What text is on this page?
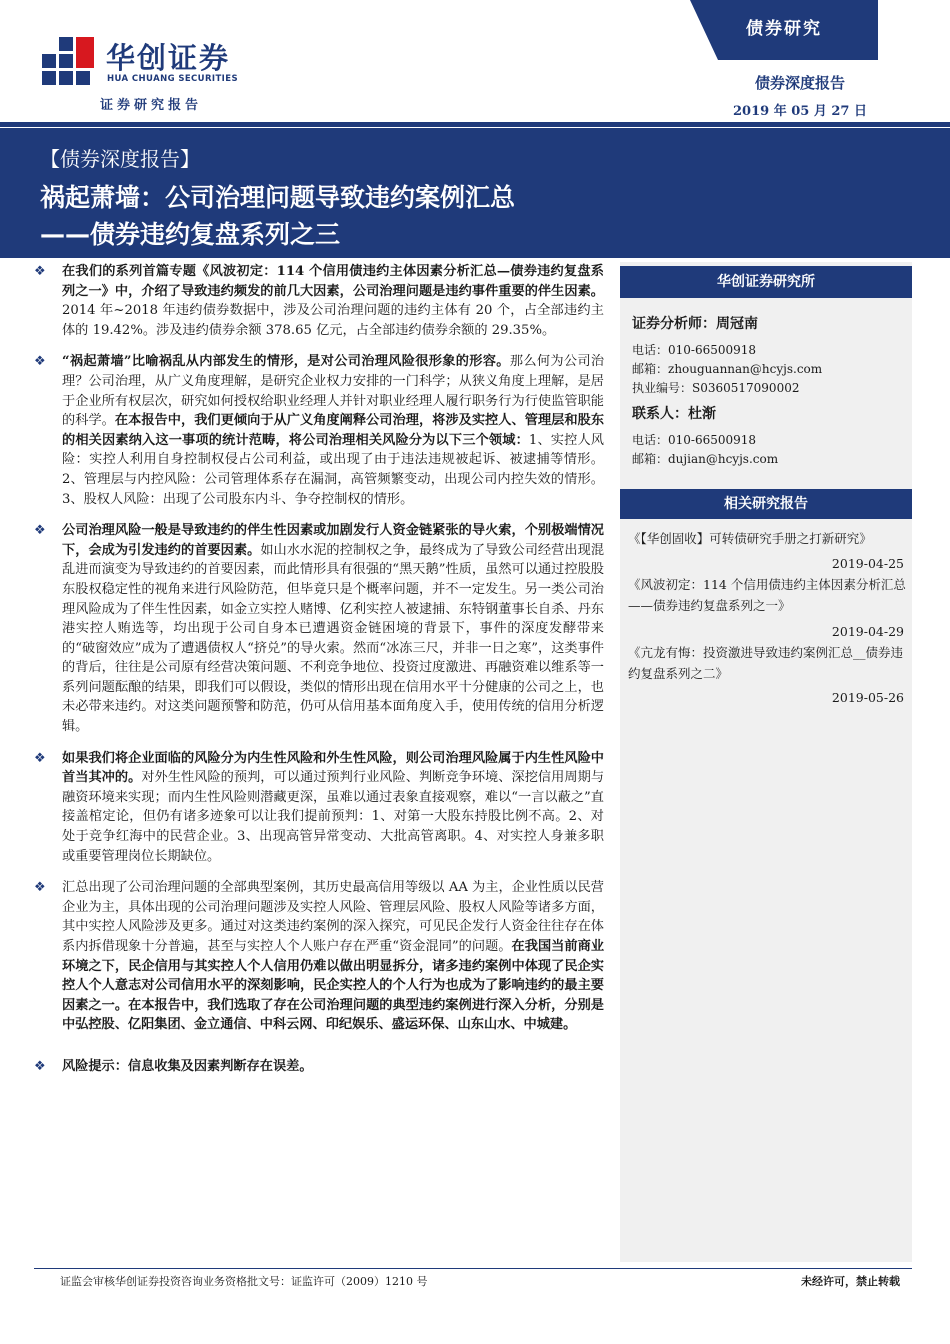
华创证券
HUA CHUANG SECURITIES
证券研究报告
债券研究
债券深度报告
2019 年 05 月 27 日
【债券深度报告】
祸起萧墙：公司治理问题导致违约案例汇总
——债券违约复盘系列之三

❖ 在我们的系列首篇专题《风波初定：114 个信用债违约主体因素分析汇总—债券违约复盘系列之一》中，介绍了导致违约频发的前几大因素，公司治理问题是违约事件重要的伴生因素。2014 年~2018 年违约债券数据中，涉及公司治理问题的违约主体有 20 个，占全部违约主体的 19.42%。涉及违约债券余额 378.65 亿元，占全部违约债券余额的 29.35%。

❖ “祸起萧墙”比喻祸乱从内部发生的情形，是对公司治理风险很形象的形容。那么何为公司治理？公司治理，从广义角度理解，是研究企业权力安排的一门科学；从狭义角度上理解，是居于企业所有权层次，研究如何授权给职业经理人并针对职业经理人履行职务行为行使监管职能的科学。在本报告中，我们更倾向于从广义角度阐释公司治理，将涉及实控人、管理层和股东的相关因素纳入这一事项的统计范畴，将公司治理相关风险分为以下三个领域：1、实控人风险：实控人利用自身控制权侵占公司利益，或出现了由于违法违规被起诉、被逮捕等情形。2、管理层与内控风险：公司管理体系存在漏洞，高管频繁变动，出现公司内控失效的情形。3、股权人风险：出现了公司股东内斗、争夺控制权的情形。

❖ 公司治理风险一般是导致违约的伴生性因素或加剧发行人资金链紧张的导火索，个别极端情况下，会成为引发违约的首要因素。如山水水泥的控制权之争，最终成为了导致公司经营出现混乱进而演变为导致违约的首要因素，而此情形具有很强的“黑天鹅”性质，虽然可以通过控股股东股权稳定性的视角来进行风险防范，但毕竟只是个概率问题，并不一定发生。另一类公司治理风险成为了伴生性因素，如金立实控人赌博、亿利实控人被逮捕、东特钢董事长自杀、丹东港实控人贿选等，均出现于公司自身本已遭遇资金链困境的背景下，事件的深度发酵带来的“破窗效应”成为了遭遇债权人“挤兑”的导火索。然而“冰冻三尺，并非一日之寒”，这类事件的背后，往往是公司原有经营决策问题、不利竞争地位、投资过度激进、再融资难以维系等一系列问题酝酿的结果，即我们可以假设，类似的情形出现在信用水平十分健康的公司之上，也未必带来违约。对这类问题预警和防范，仍可从信用基本面角度入手，使用传统的信用分析逻辑。

❖ 如果我们将企业面临的风险分为内生性风险和外生性风险，则公司治理风险属于内生性风险中首当其冲的。对外生性风险的预判，可以通过预判行业风险、判断竞争环境、深挖信用周期与融资环境来实现；而内生性风险则潜藏更深，虽难以通过表象直接观察，难以“一言以蔽之”直接盖棺定论，但仍有诸多迹象可以让我们提前预判：1、对第一大股东持股比例不高。2、对处于竞争红海中的民营企业。3、出现高管异常变动、大批高管离职。4、对实控人身兼多职或重要管理岗位长期缺位。

❖ 汇总出现了公司治理问题的全部典型案例，其历史最高信用等级以 AA 为主，企业性质以民营企业为主，具体出现的公司治理问题涉及实控人风险、管理层风险、股权人风险等诸多方面，其中实控人风险涉及更多。通过对这类违约案例的深入探究，可见民企发行人资金往往存在体系内拆借现象十分普遍，甚至与实控人个人账户存在严重“资金混同”的问题。在我国当前商业环境之下，民企信用与其实控人个人信用仍难以做出明显拆分，诸多违约案例中体现了民企实控人个人意志对公司信用水平的深刻影响，民企实控人的个人行为也成为了影响违约的最主要因素之一。在本报告中，我们选取了存在公司治理问题的典型违约案例进行深入分析，分别是中弘控股、亿阳集团、金立通信、中科云网、印纪娱乐、盛运环保、山东山水、中城建。

❖ 风险提示：信息收集及因素判断存在误差。

华创证券研究所
证券分析师：周冠南
电话：010-66500918
邮箱：zhouguannan@hcyjs.com
执业编号：S0360517090002
联系人：杜渐
电话：010-66500918
邮箱：dujian@hcyjs.com
相关研究报告
《【华创固收】可转债研究手册之打新研究》
2019-04-25
《风波初定：114 个信用债违约主体因素分析汇总——债券违约复盘系列之一》
2019-04-29
《亢龙有悔：投资激进导致违约案例汇总__债券违约复盘系列之二》
2019-05-26
证监会审核华创证券投资咨询业务资格批文号：证监许可（2009）1210 号	未经许可，禁止转载
